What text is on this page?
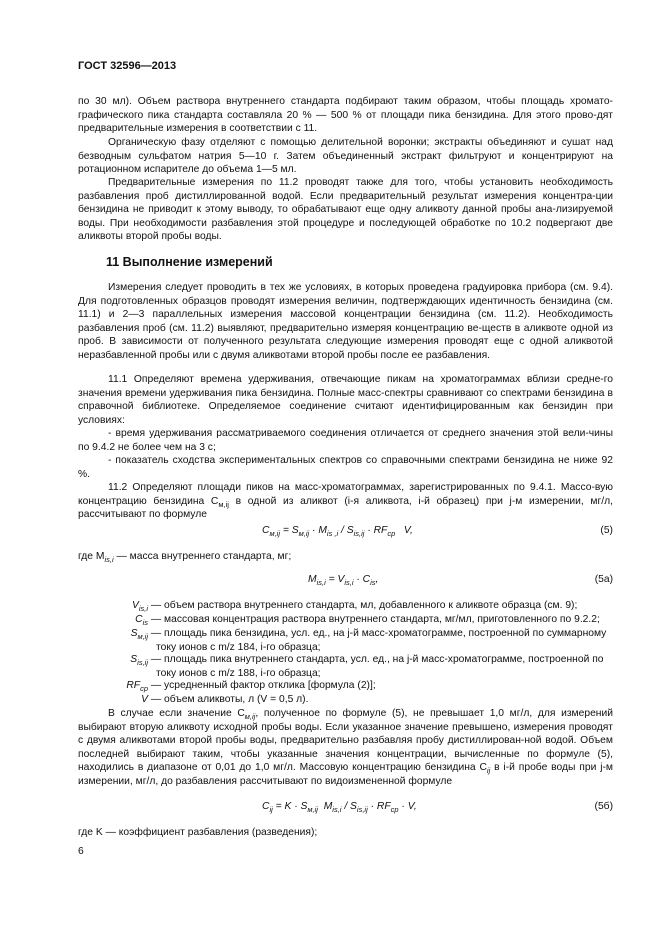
ГОСТ 32596—2013
по 30 мл). Объем раствора внутреннего стандарта подбирают таким образом, чтобы площадь хромато-графического пика стандарта составляла 20 % — 500 % от площади пика бензидина. Для этого прово-дят предварительные измерения в соответствии с 11.
Органическую фазу отделяют с помощью делительной воронки; экстракты объединяют и сушат над безводным сульфатом натрия 5—10 г. Затем объединенный экстракт фильтруют и концентрируют на ротационном испарителе до объема 1—5 мл.
Предварительные измерения по 11.2 проводят также для того, чтобы установить необходимость разбавления проб дистиллированной водой. Если предварительный результат измерения концентра-ции бензидина не приводит к этому выводу, то обрабатывают еще одну аликвоту данной пробы ана-лизируемой воды. При необходимости разбавления этой процедуре и последующей обработке по 10.2 подвергают две аликвоты второй пробы воды.
11 Выполнение измерений
Измерения следует проводить в тех же условиях, в которых проведена градуировка прибора (см. 9.4). Для подготовленных образцов проводят измерения величин, подтверждающих идентичность бензидина (см. 11.1) и 2—3 параллельных измерения массовой концентрации бензидина (см. 11.2). Необходимость разбавления проб (см. 11.2) выявляют, предварительно измеряя концентрацию ве-ществ в аликвоте одной из проб. В зависимости от полученного результата следующие измерения проводят еще с одной аликвотой неразбавленной пробы или с двумя аликвотами второй пробы после ее разбавления.
11.1 Определяют времена удерживания, отвечающие пикам на хроматограммах вблизи средне-го значения времени удерживания пика бензидина. Полные масс-спектры сравнивают со спектрами бензидина в справочной библиотеке. Определяемое соединение считают идентифицированным как бензидин при условиях:
- время удерживания рассматриваемого соединения отличается от среднего значения этой вели-чины по 9.4.2 не более чем на 3 с;
- показатель сходства экспериментальных спектров со справочными спектрами бензидина не ниже 92 %.
11.2 Определяют площади пиков на масс-хроматограммах, зарегистрированных по 9.4.1. Массо-вую концентрацию бензидина $C_{м,ij}$ в одной из аликвот (i-я аликвота, i-й образец) при j-м измерении, мг/л, рассчитывают по формуле
$C_{м,ij} = S_{м,ij} \cdot M_{is ,i} / S_{is,ij} \cdot RF_{ср}$   V,	(5)
где $M_{is,i}$ — масса внутреннего стандарта, мг;
$M_{is,i} = V_{is,i} \cdot C_{is}$,	(5а)
$V_{is,i}$ — объем раствора внутреннего стандарта, мл, добавленного к аликвоте образца (см. 9);
$C_{is}$ — массовая концентрация раствора внутреннего стандарта, мг/мл, приготовленного по 9.2.2;
$S_{м,ij}$ — площадь пика бензидина, усл. ед., на j-й масс-хроматограмме, построенной по суммарному току ионов с m/z 184, i-го образца;
$S_{is,ij}$ — площадь пика внутреннего стандарта, усл. ед., на j-й масс-хроматограмме, построенной по току ионов с m/z 188, i-го образца;
$RF_{ср}$ — усредненный фактор отклика [формула (2)];
V — объем аликвоты, л (V = 0,5 л).
В случае если значение $C_{м,ij}$, полученное по формуле (5), не превышает 1,0 мг/л, для измерений выбирают вторую аликвоту исходной пробы воды. Если указанное значение превышено, измерения проводят с двумя аликвотами второй пробы воды, предварительно разбавляя пробу дистиллирован-ной водой. Объем последней выбирают таким, чтобы указанные значения концентрации, вычисленные по формуле (5), находились в диапазоне от 0,01 до 1,0 мг/л. Массовую концентрацию бензидина $C_{ij}$ в i-й пробе воды при j-м измерении, мг/л, до разбавления рассчитывают по видоизмененной формуле
$C_{ij} = K \cdot S_{м,ij}$  $M_{is,i} / S_{is,ij} \cdot RF_{ср} \cdot V$,	(5б)
где K — коэффициент разбавления (разведения);
6
